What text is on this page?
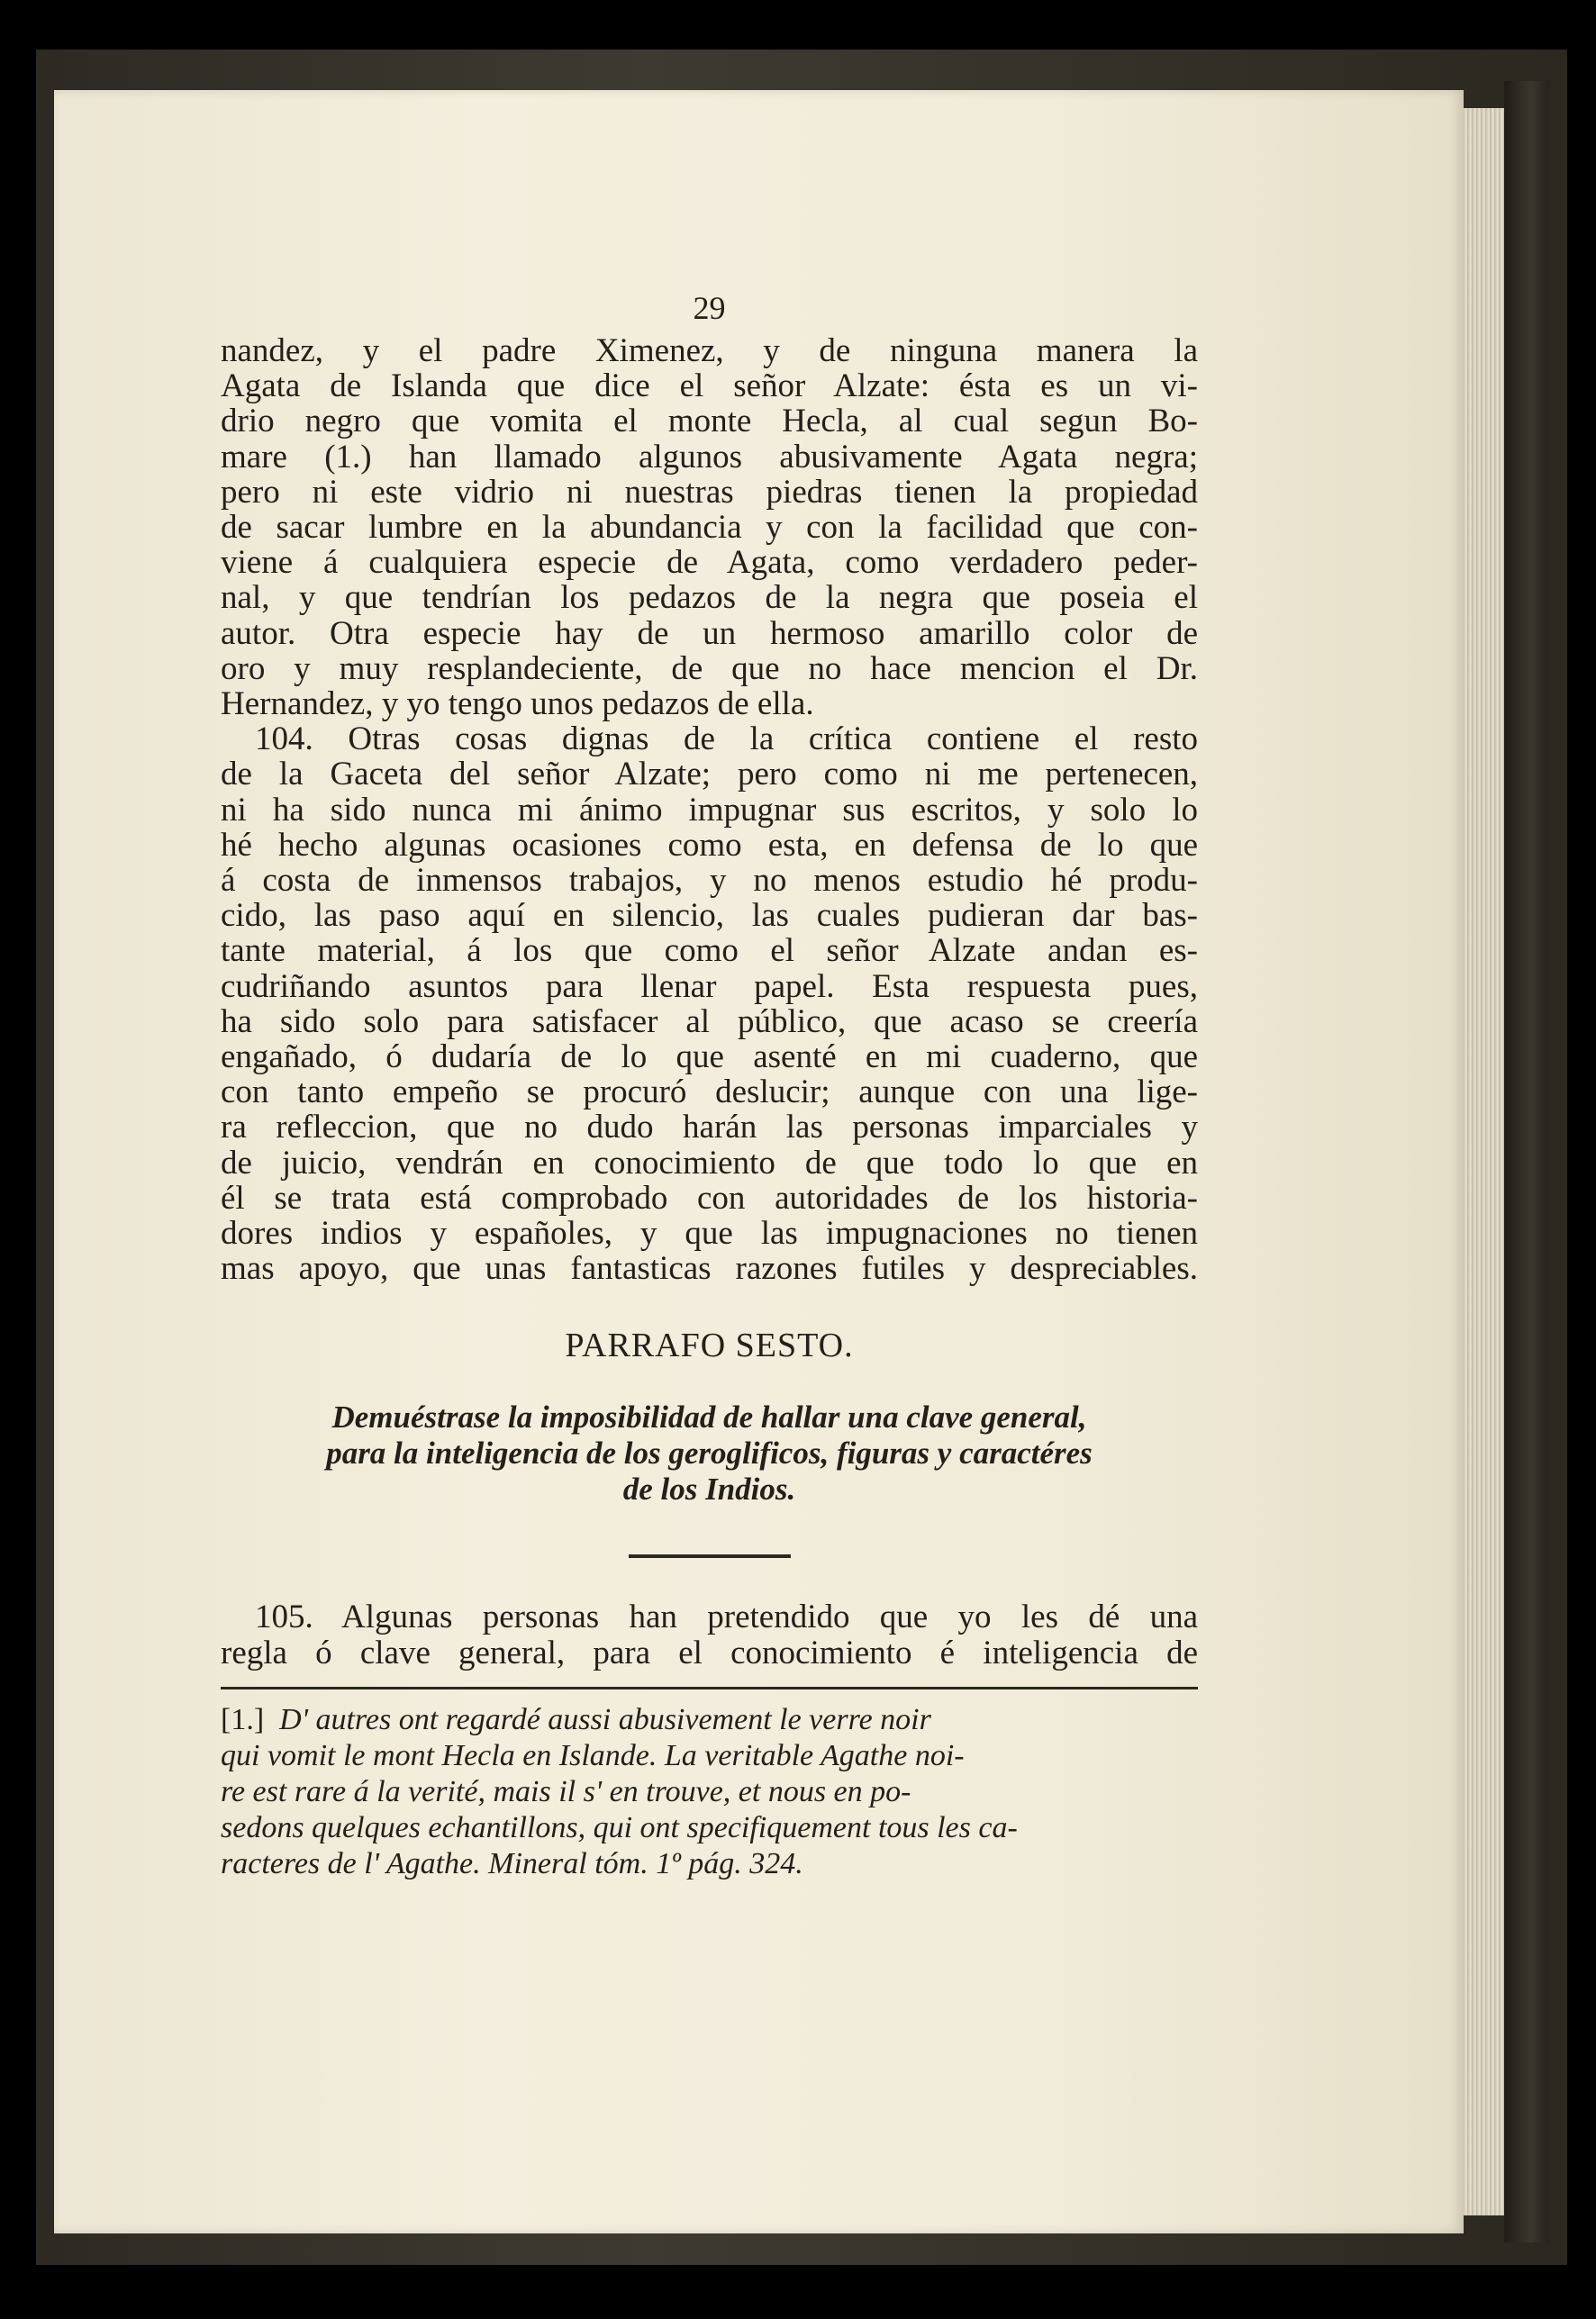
29
nandez, y el padre Ximenez, y de ninguna manera la
Agata de Islanda que dice el señor Alzate: ésta es un vi-
drio negro que vomita el monte Hecla, al cual segun Bo-
mare (1.) han llamado algunos abusivamente Agata negra;
pero ni este vidrio ni nuestras piedras tienen la propiedad
de sacar lumbre en la abundancia y con la facilidad que con-
viene á cualquiera especie de Agata, como verdadero peder-
nal, y que tendrían los pedazos de la negra que poseia el
autor. Otra especie hay de un hermoso amarillo color de
oro y muy resplandeciente, de que no hace mencion el Dr.
Hernandez, y yo tengo unos pedazos de ella.
104. Otras cosas dignas de la crítica contiene el resto
de la Gaceta del señor Alzate; pero como ni me pertenecen,
ni ha sido nunca mi ánimo impugnar sus escritos, y solo lo
hé hecho algunas ocasiones como esta, en defensa de lo que
á costa de inmensos trabajos, y no menos estudio hé produ-
cido, las paso aquí en silencio, las cuales pudieran dar bas-
tante material, á los que como el señor Alzate andan es-
cudriñando asuntos para llenar papel. Esta respuesta pues,
ha sido solo para satisfacer al público, que acaso se creería
engañado, ó dudaría de lo que asenté en mi cuaderno, que
con tanto empeño se procuró deslucir; aunque con una lige-
ra refleccion, que no dudo harán las personas imparciales y
de juicio, vendrán en conocimiento de que todo lo que en
él se trata está comprobado con autoridades de los historia-
dores indios y españoles, y que las impugnaciones no tienen
mas apoyo, que unas fantasticas razones futiles y despreciables.
PARRAFO SESTO.
Demuéstrase la imposibilidad de hallar una clave general,
para la inteligencia de los geroglificos, figuras y caractéres
de los Indios.
105. Algunas personas han pretendido que yo les dé una
regla ó clave general, para el conocimiento é inteligencia de
[1.] D' autres ont regardé aussi abusivement le verre noir
qui vomit le mont Hecla en Islande. La veritable Agathe noi-
re est rare á la verité, mais il s' en trouve, et nous en po-
sedons quelques echantillons, qui ont specifiquement tous les ca-
racteres de l' Agathe. Mineral tóm. 1º pág. 324.
